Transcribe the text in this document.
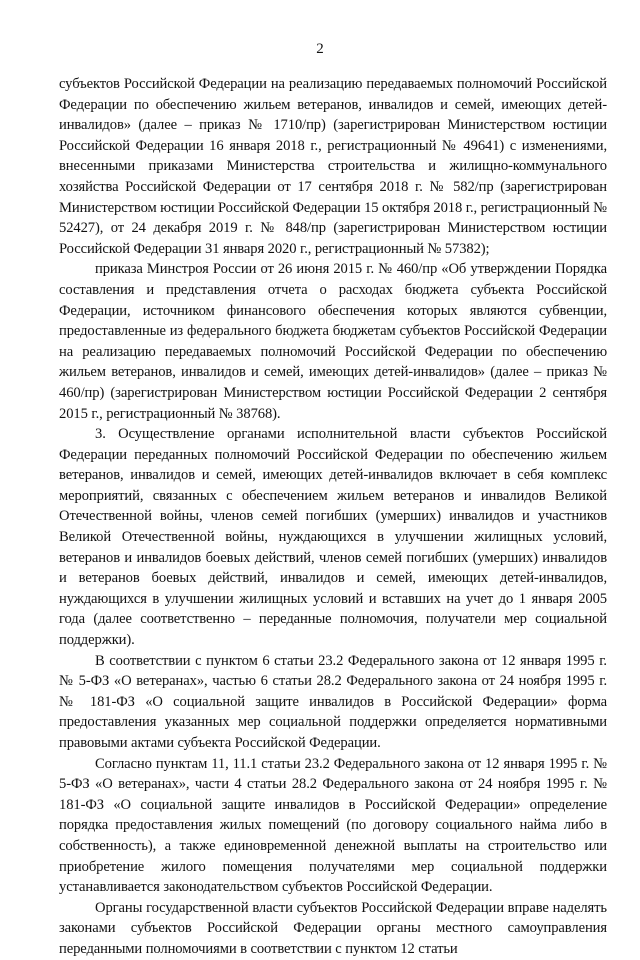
2

субъектов Российской Федерации на реализацию передаваемых полномочий Российской Федерации по обеспечению жильем ветеранов, инвалидов и семей, имеющих детей-инвалидов» (далее – приказ № 1710/пр) (зарегистрирован Министерством юстиции Российской Федерации 16 января 2018 г., регистрационный № 49641) с изменениями, внесенными приказами Министерства строительства и жилищно-коммунального хозяйства Российской Федерации от 17 сентября 2018 г. № 582/пр (зарегистрирован Министерством юстиции Российской Федерации 15 октября 2018 г., регистрационный № 52427), от 24 декабря 2019 г. № 848/пр (зарегистрирован Министерством юстиции Российской Федерации 31 января 2020 г., регистрационный № 57382);

приказа Минстроя России от 26 июня 2015 г. № 460/пр «Об утверждении Порядка составления и представления отчета о расходах бюджета субъекта Российской Федерации, источником финансового обеспечения которых являются субвенции, предоставленные из федерального бюджета бюджетам субъектов Российской Федерации на реализацию передаваемых полномочий Российской Федерации по обеспечению жильем ветеранов, инвалидов и семей, имеющих детей-инвалидов» (далее – приказ № 460/пр) (зарегистрирован Министерством юстиции Российской Федерации 2 сентября 2015 г., регистрационный № 38768).

3. Осуществление органами исполнительной власти субъектов Российской Федерации переданных полномочий Российской Федерации по обеспечению жильем ветеранов, инвалидов и семей, имеющих детей-инвалидов включает в себя комплекс мероприятий, связанных с обеспечением жильем ветеранов и инвалидов Великой Отечественной войны, членов семей погибших (умерших) инвалидов и участников Великой Отечественной войны, нуждающихся в улучшении жилищных условий, ветеранов и инвалидов боевых действий, членов семей погибших (умерших) инвалидов и ветеранов боевых действий, инвалидов и семей, имеющих детей-инвалидов, нуждающихся в улучшении жилищных условий и вставших на учет до 1 января 2005 года (далее соответственно – переданные полномочия, получатели мер социальной поддержки).

В соответствии с пунктом 6 статьи 23.2 Федерального закона от 12 января 1995 г. № 5-ФЗ «О ветеранах», частью 6 статьи 28.2 Федерального закона от 24 ноября 1995 г. № 181-ФЗ «О социальной защите инвалидов в Российской Федерации» форма предоставления указанных мер социальной поддержки определяется нормативными правовыми актами субъекта Российской Федерации.

Согласно пунктам 11, 11.1 статьи 23.2 Федерального закона от 12 января 1995 г. № 5-ФЗ «О ветеранах», части 4 статьи 28.2 Федерального закона от 24 ноября 1995 г. № 181-ФЗ «О социальной защите инвалидов в Российской Федерации» определение порядка предоставления жилых помещений (по договору социального найма либо в собственность), а также единовременной денежной выплаты на строительство или приобретение жилого помещения получателями мер социальной поддержки устанавливается законодательством субъектов Российской Федерации.

Органы государственной власти субъектов Российской Федерации вправе наделять законами субъектов Российской Федерации органы местного самоуправления переданными полномочиями в соответствии с пунктом 12 статьи
